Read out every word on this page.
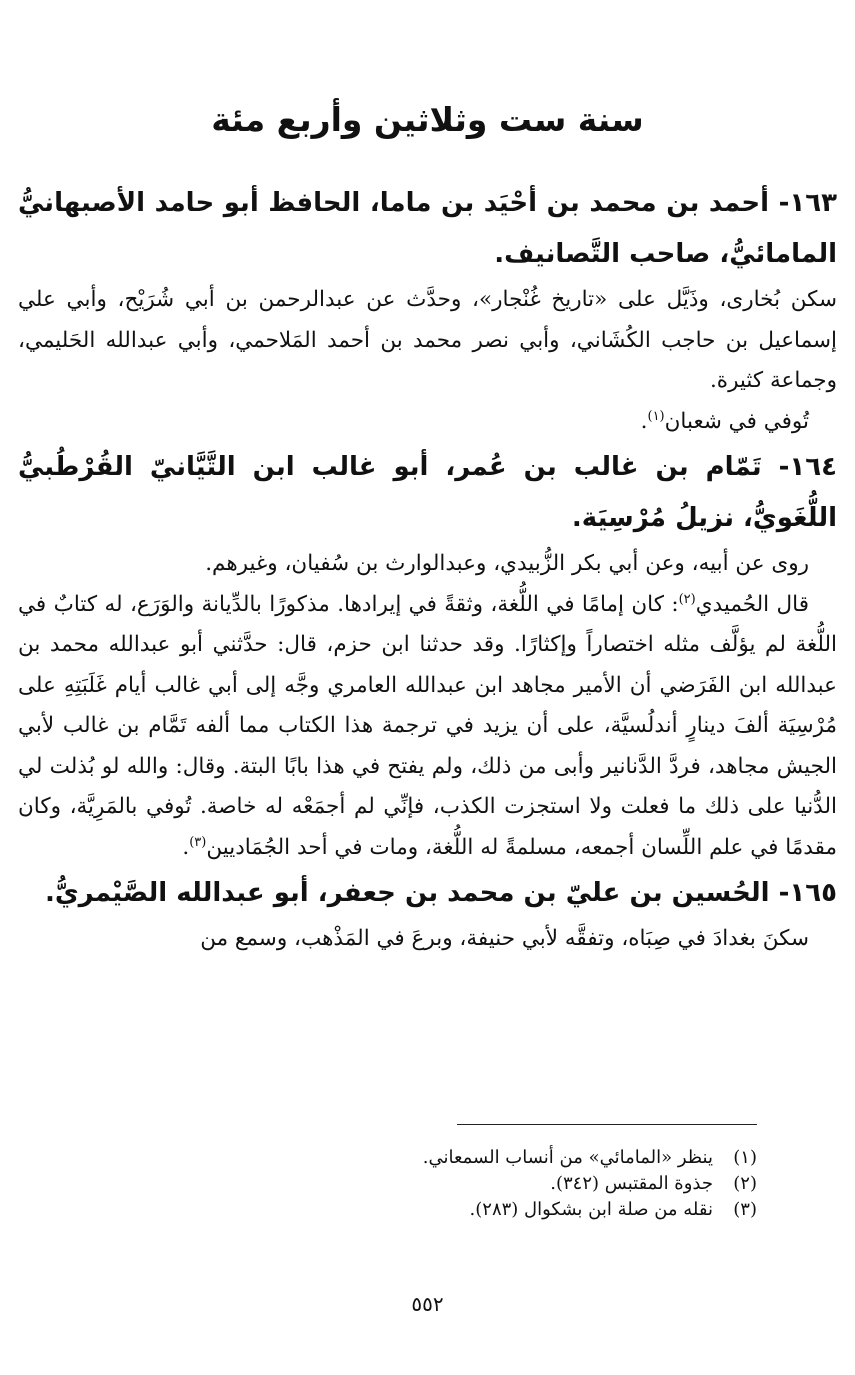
سنة ست وثلاثين وأربع مئة
١٦٣- أحمد بن محمد بن أحْيَد بن ماما، الحافظ أبو حامد الأصبهانيُّ المامائيُّ، صاحب التَّصانيف.
سكن بُخارى، وذَيَّل على «تاريخ غُنْجار»، وحدَّث عن عبدالرحمن بن أبي شُرَيْح، وأبي علي إسماعيل بن حاجب الكُشَاني، وأبي نصر محمد بن أحمد المَلاحمي، وأبي عبدالله الحَليمي، وجماعة كثيرة.
تُوفي في شعبان$^{(١)}$.
١٦٤- تَمّام بن غالب بن عُمر، أبو غالب ابن التَّيَّانيّ القُرْطُبيُّ اللُّغَويُّ، نزيلُ مُرْسِيَة.
روى عن أبيه، وعن أبي بكر الزُّبيدي، وعبدالوارث بن سُفيان، وغيرهم.
قال الحُميدي$^{(٢)}$: كان إمامًا في اللُّغة، وثقةً في إيرادها. مذكورًا بالدِّيانة والوَرَع، له كتابٌ في اللُّغة لم يؤلَّف مثله اختصاراً وإكثارًا. وقد حدثنا ابن حزم، قال: حدَّثني أبو عبدالله محمد بن عبدالله ابن الفَرَضي أن الأمير مجاهد ابن عبدالله العامري وجَّه إلى أبي غالب أيام غَلَبَتِهِ على مُرْسِيَة ألفَ دينارٍ أندلُسيَّة، على أن يزيد في ترجمة هذا الكتاب مما ألفه تَمَّام بن غالب لأبي الجيش مجاهد، فردَّ الدَّنانير وأبى من ذلك، ولم يفتح في هذا بابًا البتة. وقال: والله لو بُذلت لي الدُّنيا على ذلك ما فعلت ولا استجزت الكذب، فإنِّي لم أجمَعْه له خاصة. تُوفي بالمَرِيَّة، وكان مقدمًا في علم اللِّسان أجمعه، مسلمةً له اللُّغة، ومات في أحد الجُمَاديين$^{(٣)}$.
١٦٥- الحُسين بن عليّ بن محمد بن جعفر، أبو عبدالله الصَّيْمريُّ.
سكنَ بغدادَ في صِبَاه، وتفقَّه لأبي حنيفة، وبرعَ في المَذْهب، وسمع من
(١)
ينظر «المامائي» من أنساب السمعاني.
(٢)
جذوة المقتبس (٣٤٢).
(٣)
نقله من صلة ابن بشكوال (٢٨٣).
٥٥٢
